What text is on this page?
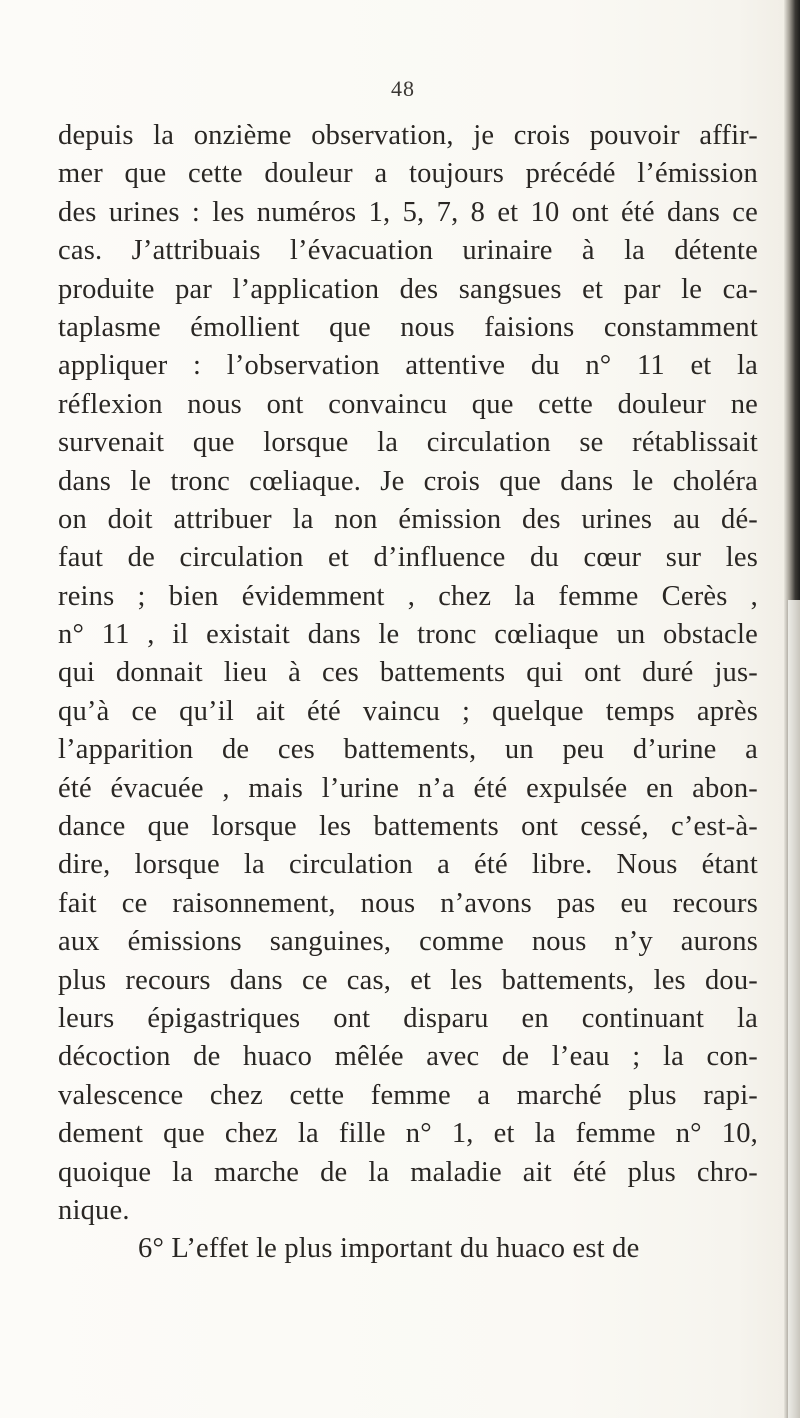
48
depuis la onzième observation, je crois pouvoir affir-
mer que cette douleur a toujours précédé l’émission
des urines : les numéros 1, 5, 7, 8 et 10 ont été dans ce
cas. J’attribuais l’évacuation urinaire à la détente
produite par l’application des sangsues et par le ca-
taplasme émollient que nous faisions constamment
appliquer : l’observation attentive du n° 11 et la
réflexion nous ont convaincu que cette douleur ne
survenait que lorsque la circulation se rétablissait
dans le tronc cœliaque. Je crois que dans le choléra
on doit attribuer la non émission des urines au dé-
faut de circulation et d’influence du cœur sur les
reins ; bien évidemment , chez la femme Cerès ,
n° 11 , il existait dans le tronc cœliaque un obstacle
qui donnait lieu à ces battements qui ont duré jus-
qu’à ce qu’il ait été vaincu ; quelque temps après
l’apparition de ces battements, un peu d’urine a
été évacuée , mais l’urine n’a été expulsée en abon-
dance que lorsque les battements ont cessé, c’est-à-
dire, lorsque la circulation a été libre. Nous étant
fait ce raisonnement, nous n’avons pas eu recours
aux émissions sanguines, comme nous n’y aurons
plus recours dans ce cas, et les battements, les dou-
leurs épigastriques ont disparu en continuant la
décoction de huaco mêlée avec de l’eau ; la con-
valescence chez cette femme a marché plus rapi-
dement que chez la fille n° 1, et la femme n° 10,
quoique la marche de la maladie ait été plus chro-
nique.
6° L’effet le plus important du huaco est de
